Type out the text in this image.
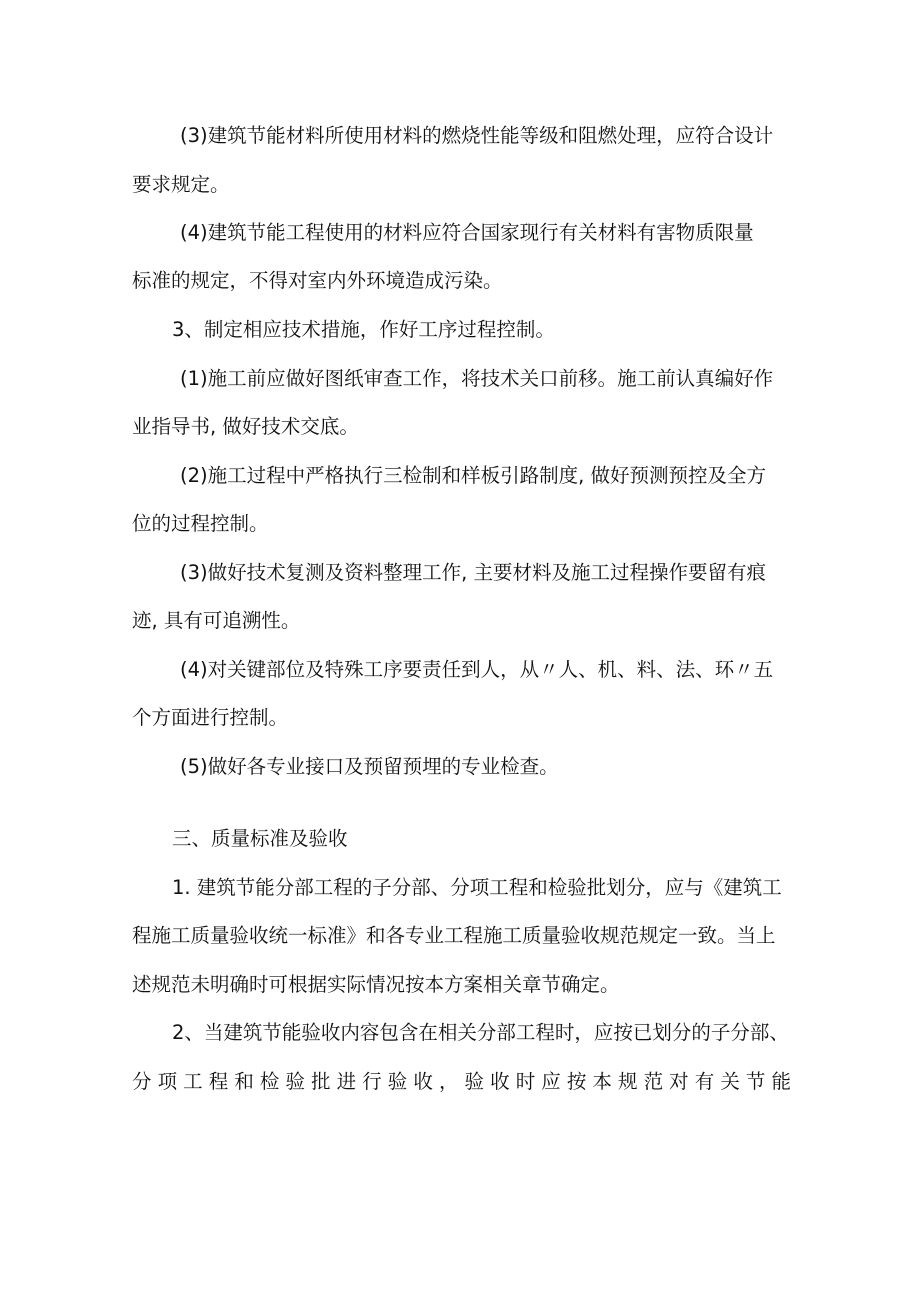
(3)建筑节能材料所使用材料的燃烧性能等级和阻燃处理，应符合设计

要求规定。

(4)建筑节能工程使用的材料应符合国家现行有关材料有害物质限量

标准的规定，不得对室内外环境造成污染。

3、制定相应技术措施，作好工序过程控制。

(1)施工前应做好图纸审查工作，将技术关口前移。施工前认真编好作

业指导书, 做好技术交底。

(2)施工过程中严格执行三检制和样板引路制度, 做好预测预控及全方

位的过程控制。

(3)做好技术复测及资料整理工作, 主要材料及施工过程操作要留有痕

迹, 具有可追溯性。

(4)对关键部位及特殊工序要责任到人，从〃人、机、料、法、环〃五

个方面进行控制。

(5)做好各专业接口及预留预埋的专业检查。

三、质量标准及验收

1. 建筑节能分部工程的子分部、分项工程和检验批划分，应与《建筑工

程施工质量验收统一标准》和各专业工程施工质量验收规范规定一致。当上

述规范未明确时可根据实际情况按本方案相关章节确定。

2、当建筑节能验收内容包含在相关分部工程时，应按已划分的子分部、

分项工程和检验批进行验收，验收时应按本规范对有关节能
